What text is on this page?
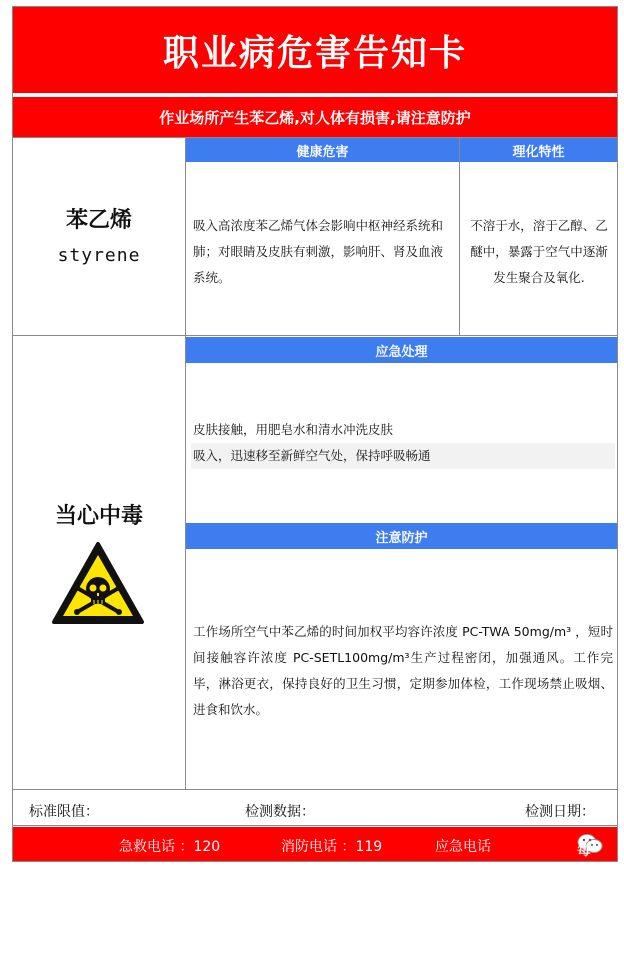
职业病危害告知卡
作业场所产生苯乙烯,对人体有损害,请注意防护
苯乙烯
styrene
健康危害
吸入高浓度苯乙烯气体会影响中枢神经系统和肺；对眼睛及皮肤有刺激，影响肝、肾及血液系统。
理化特性
不溶于水，溶于乙醇、乙醚中，暴露于空气中逐渐发生聚合及氧化.
当心中毒
应急处理
皮肤接触，用肥皂水和清水冲洗皮肤
吸入，迅速移至新鲜空气处，保持呼吸畅通
注意防护
工作场所空气中苯乙烯的时间加权平均容许浓度 PC-TWA 50mg/m³ ，短时间接触容许浓度 PC-SETL100mg/m³生产过程密闭，加强通风。工作完毕，淋浴更衣，保持良好的卫生习惯，定期参加体检，工作现场禁止吸烟、进食和饮水。
标准限值：	检测数据：	检测日期：
急救电话 ：120	消防电话 ：119	应急电话	每日安全生产
